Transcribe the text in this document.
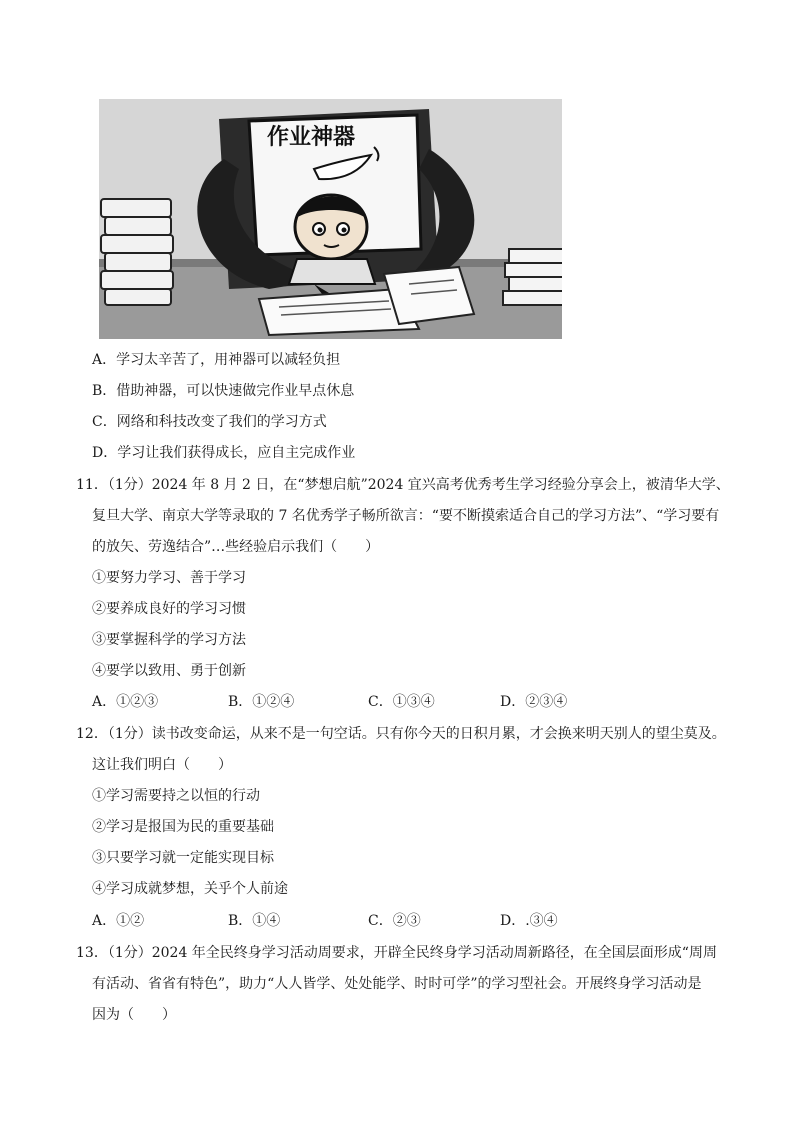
作业神器
A．学习太辛苦了，用神器可以减轻负担
B．借助神器，可以快速做完作业早点休息
C．网络和科技改变了我们的学习方式
D．学习让我们获得成长，应自主完成作业
11．（1分）2024 年 8 月 2 日，在“梦想启航”2024 宜兴高考优秀考生学习经验分享会上，被清华大学、
复旦大学、南京大学等录取的 7 名优秀学子畅所欲言：“要不断摸索适合自己的学习方法”、“学习要有
的放矢、劳逸结合”…些经验启示我们（　　）
①要努力学习、善于学习
②要养成良好的学习习惯
③要掌握科学的学习方法
④要学以致用、勇于创新
A．①②③	B．①②④	C．①③④	D．②③④
12．（1分）读书改变命运，从来不是一句空话。只有你今天的日积月累，才会换来明天别人的望尘莫及。
这让我们明白（　　）
①学习需要持之以恒的行动
②学习是报国为民的重要基础
③只要学习就一定能实现目标
④学习成就梦想，关乎个人前途
A．①②	B．①④	C．②③	D．.③④
13．（1分）2024 年全民终身学习活动周要求，开辟全民终身学习活动周新路径，在全国层面形成“周周
有活动、省省有特色”，助力“人人皆学、处处能学、时时可学”的学习型社会。开展终身学习活动是
因为（　　）
